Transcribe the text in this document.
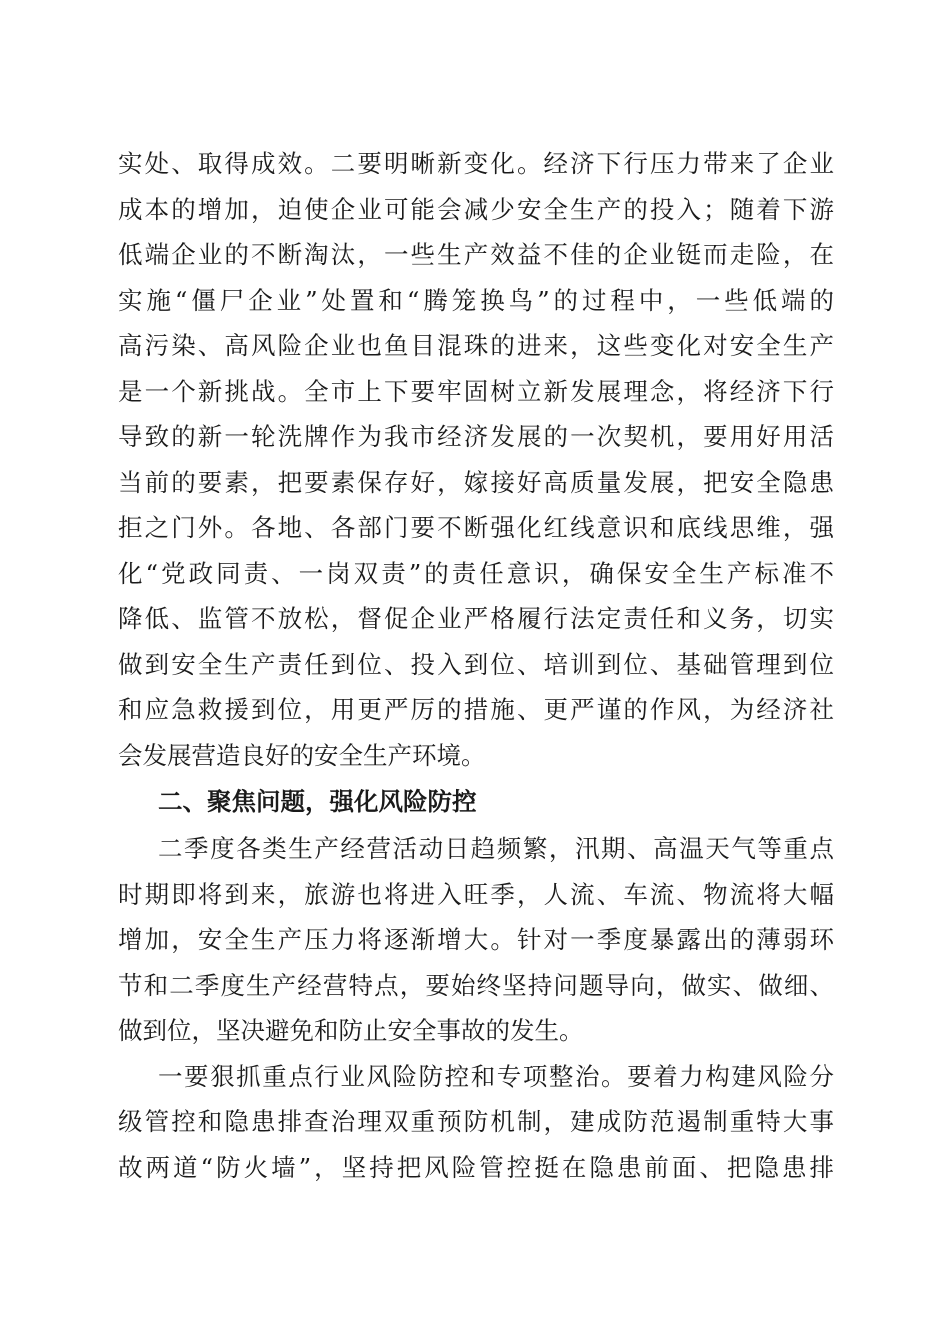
实处、取得成效。二要明晰新变化。经济下行压力带来了企业
成本的增加，迫使企业可能会减少安全生产的投入；随着下游
低端企业的不断淘汰，一些生产效益不佳的企业铤而走险，在
实施“僵尸企业”处置和“腾笼换鸟”的过程中，一些低端的
高污染、高风险企业也鱼目混珠的进来，这些变化对安全生产
是一个新挑战。全市上下要牢固树立新发展理念，将经济下行
导致的新一轮洗牌作为我市经济发展的一次契机，要用好用活
当前的要素，把要素保存好，嫁接好高质量发展，把安全隐患
拒之门外。各地、各部门要不断强化红线意识和底线思维，强
化“党政同责、一岗双责”的责任意识，确保安全生产标准不
降低、监管不放松，督促企业严格履行法定责任和义务，切实
做到安全生产责任到位、投入到位、培训到位、基础管理到位
和应急救援到位，用更严厉的措施、更严谨的作风，为经济社
会发展营造良好的安全生产环境。
二、聚焦问题，强化风险防控
二季度各类生产经营活动日趋频繁，汛期、高温天气等重点
时期即将到来，旅游也将进入旺季，人流、车流、物流将大幅
增加，安全生产压力将逐渐增大。针对一季度暴露出的薄弱环
节和二季度生产经营特点，要始终坚持问题导向，做实、做细、
做到位，坚决避免和防止安全事故的发生。
一要狠抓重点行业风险防控和专项整治。要着力构建风险分
级管控和隐患排查治理双重预防机制，建成防范遏制重特大事
故两道“防火墙”，坚持把风险管控挺在隐患前面、把隐患排
